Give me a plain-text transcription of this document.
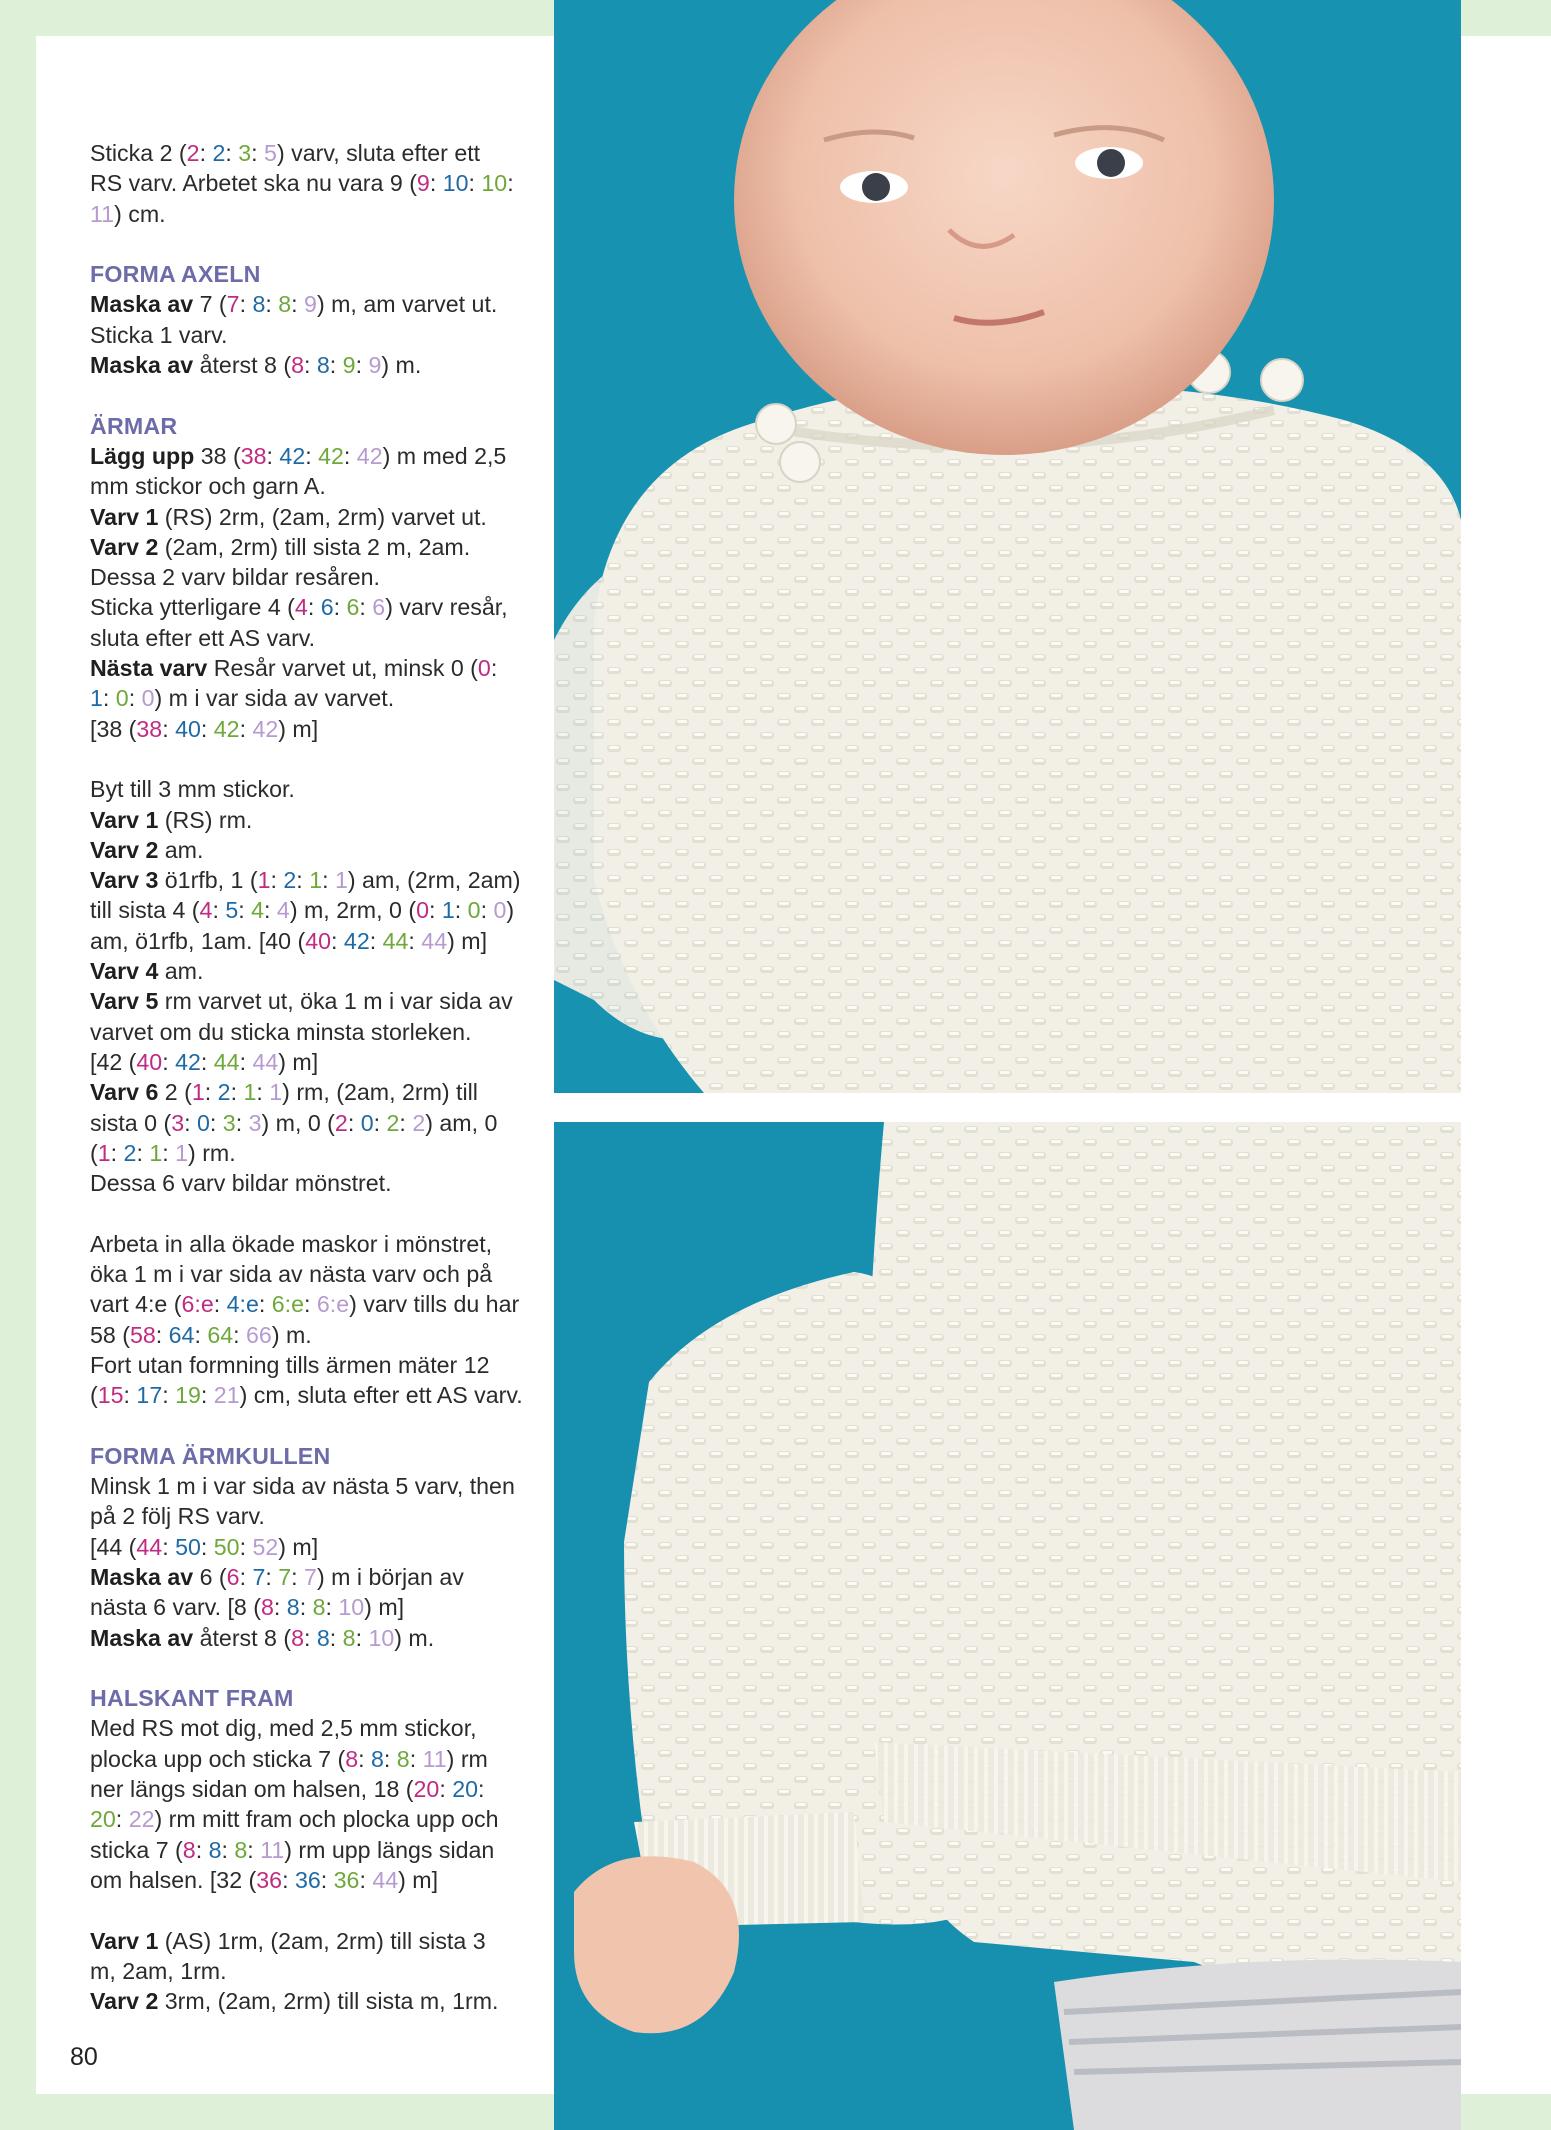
Sticka 2 (2: 2: 3: 5) varv, sluta efter ett

RS varv. Arbetet ska nu vara 9 (9: 10: 10:

11) cm.

FORMA AXELN

Maska av 7 (7: 8: 8: 9) m, am varvet ut.

Sticka 1 varv.

Maska av återst 8 (8: 8: 9: 9) m.

ÄRMAR

Lägg upp 38 (38: 42: 42: 42) m med 2,5

mm stickor och garn A.

Varv 1 (RS) 2rm, (2am, 2rm) varvet ut.

Varv 2 (2am, 2rm) till sista 2 m, 2am.

Dessa 2 varv bildar resåren.

Sticka ytterligare 4 (4: 6: 6: 6) varv resår,

sluta efter ett AS varv.

Nästa varv Resår varvet ut, minsk 0 (0:

1: 0: 0) m i var sida av varvet.

[38 (38: 40: 42: 42) m]

Byt till 3 mm stickor.

Varv 1 (RS) rm.

Varv 2 am.

Varv 3 ö1rfb, 1 (1: 2: 1: 1) am, (2rm, 2am)

till sista 4 (4: 5: 4: 4) m, 2rm, 0 (0: 1: 0: 0)

am, ö1rfb, 1am. [40 (40: 42: 44: 44) m]

Varv 4 am.

Varv 5 rm varvet ut, öka 1 m i var sida av

varvet om du sticka minsta storleken.

[42 (40: 42: 44: 44) m]

Varv 6 2 (1: 2: 1: 1) rm, (2am, 2rm) till

sista 0 (3: 0: 3: 3) m, 0 (2: 0: 2: 2) am, 0

(1: 2: 1: 1) rm.

Dessa 6 varv bildar mönstret.

Arbeta in alla ökade maskor i mönstret,

öka 1 m i var sida av nästa varv och på

vart 4:e (6:e: 4:e: 6:e: 6:e) varv tills du har

58 (58: 64: 64: 66) m.

Fort utan formning tills ärmen mäter 12

(15: 17: 19: 21) cm, sluta efter ett AS varv.

FORMA ÄRMKULLEN

Minsk 1 m i var sida av nästa 5 varv, then

på 2 följ RS varv.

[44 (44: 50: 50: 52) m]

Maska av 6 (6: 7: 7: 7) m i början av

nästa 6 varv. [8 (8: 8: 8: 10) m]

Maska av återst 8 (8: 8: 8: 10) m.

HALSKANT FRAM

Med RS mot dig, med 2,5 mm stickor,

plocka upp och sticka 7 (8: 8: 8: 11) rm

ner längs sidan om halsen, 18 (20: 20:

20: 22) rm mitt fram och plocka upp och

sticka 7 (8: 8: 8: 11) rm upp längs sidan

om halsen. [32 (36: 36: 36: 44) m]

Varv 1 (AS) 1rm, (2am, 2rm) till sista 3

m, 2am, 1rm.

Varv 2 3rm, (2am, 2rm) till sista m, 1rm.

80
